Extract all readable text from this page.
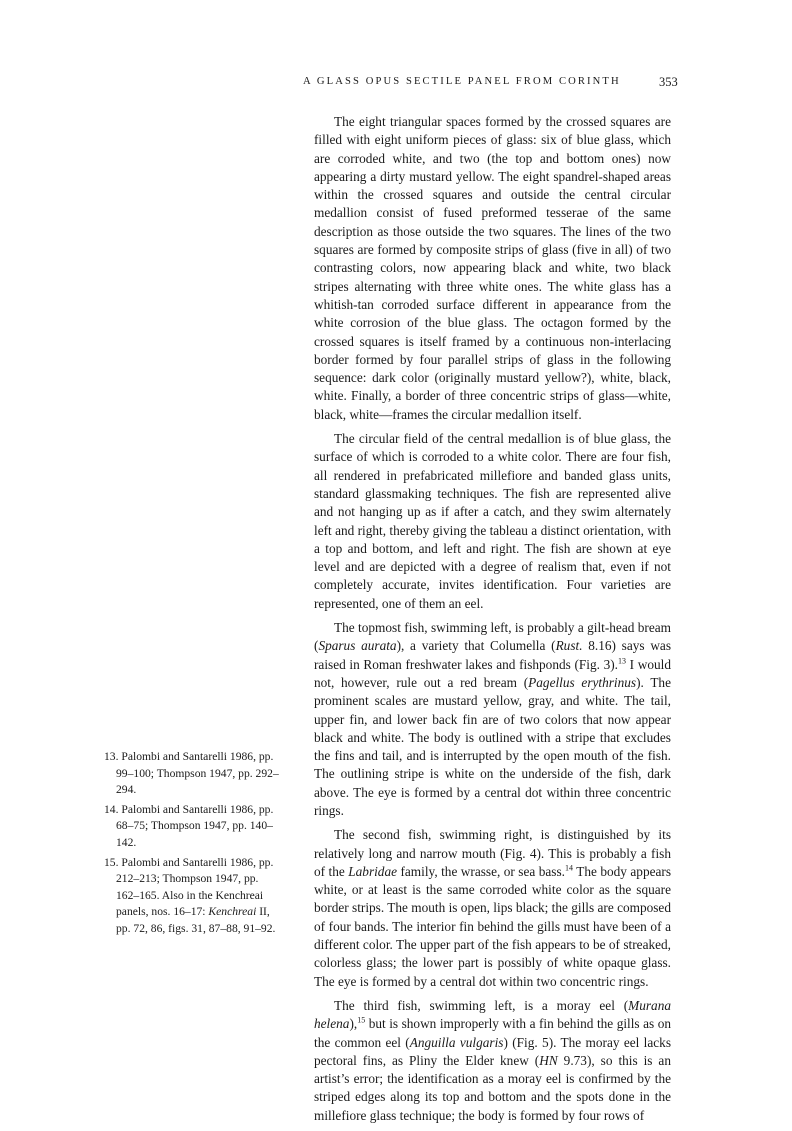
A GLASS OPUS SECTILE PANEL FROM CORINTH	353

The eight triangular spaces formed by the crossed squares are filled with eight uniform pieces of glass: six of blue glass, which are corroded white, and two (the top and bottom ones) now appearing a dirty mustard yellow. The eight spandrel-shaped areas within the crossed squares and outside the central circular medallion consist of fused preformed tesserae of the same description as those outside the two squares. The lines of the two squares are formed by composite strips of glass (five in all) of two contrasting colors, now appearing black and white, two black stripes alternating with three white ones. The white glass has a whitish-tan corroded surface different in appearance from the white corrosion of the blue glass. The octagon formed by the crossed squares is itself framed by a continuous non-interlacing border formed by four parallel strips of glass in the following sequence: dark color (originally mustard yellow?), white, black, white. Finally, a border of three concentric strips of glass—white, black, white—frames the circular medallion itself.

The circular field of the central medallion is of blue glass, the surface of which is corroded to a white color. There are four fish, all rendered in prefabricated millefiore and banded glass units, standard glassmaking techniques. The fish are represented alive and not hanging up as if after a catch, and they swim alternately left and right, thereby giving the tableau a distinct orientation, with a top and bottom, and left and right. The fish are shown at eye level and are depicted with a degree of realism that, even if not completely accurate, invites identification. Four varieties are represented, one of them an eel.

The topmost fish, swimming left, is probably a gilt-head bream (Sparus aurata), a variety that Columella (Rust. 8.16) says was raised in Roman freshwater lakes and fishponds (Fig. 3).$^{13}$ I would not, however, rule out a red bream (Pagellus erythrinus). The prominent scales are mustard yellow, gray, and white. The tail, upper fin, and lower back fin are of two colors that now appear black and white. The body is outlined with a stripe that excludes the fins and tail, and is interrupted by the open mouth of the fish. The outlining stripe is white on the underside of the fish, dark above. The eye is formed by a central dot within three concentric rings.

The second fish, swimming right, is distinguished by its relatively long and narrow mouth (Fig. 4). This is probably a fish of the Labridae family, the wrasse, or sea bass.$^{14}$ The body appears white, or at least is the same corroded white color as the square border strips. The mouth is open, lips black; the gills are composed of four bands. The interior fin behind the gills must have been of a different color. The upper part of the fish appears to be of streaked, colorless glass; the lower part is possibly of white opaque glass. The eye is formed by a central dot within two concentric rings.

The third fish, swimming left, is a moray eel (Murana helena),$^{15}$ but is shown improperly with a fin behind the gills as on the common eel (Anguilla vulgaris) (Fig. 5). The moray eel lacks pectoral fins, as Pliny the Elder knew (HN 9.73), so this is an artist’s error; the identification as a moray eel is confirmed by the striped edges along its top and bottom and the spots done in the millefiore glass technique; the body is formed by four rows of

13. Palombi and Santarelli 1986, pp. 99–100; Thompson 1947, pp. 292–294.

14. Palombi and Santarelli 1986, pp. 68–75; Thompson 1947, pp. 140–142.

15. Palombi and Santarelli 1986, pp. 212–213; Thompson 1947, pp. 162–165. Also in the Kenchreai panels, nos. 16–17: Kenchreai II, pp. 72, 86, figs. 31, 87–88, 91–92.
